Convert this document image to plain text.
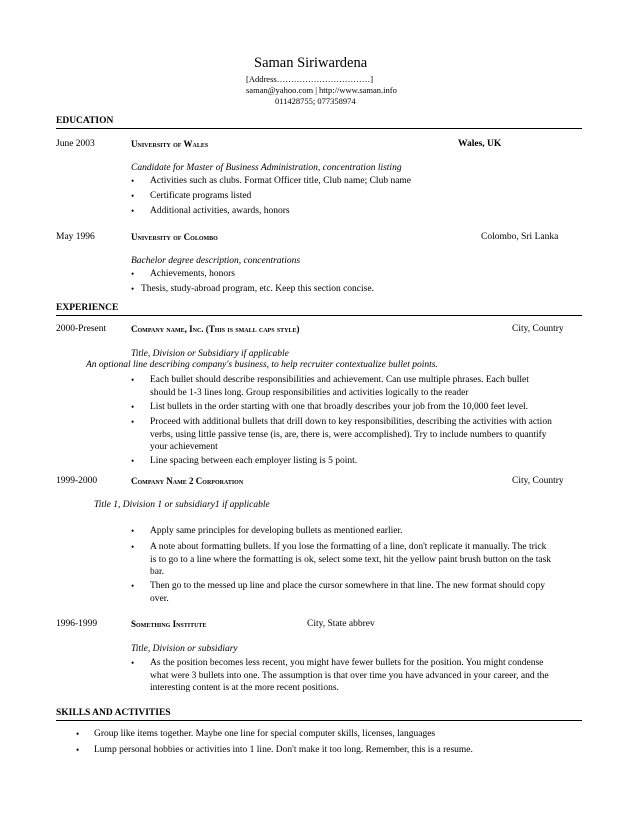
Saman Siriwardena
[Address……………………………]
saman@yahoo.com | http://www.saman.info
011428755; 077358974
EDUCATION
June 2003	University of Wales	Wales, UK
Candidate for Master of Business Administration, concentration listing
• Activities such as clubs. Format Officer title, Club name; Club name
• Certificate programs listed
• Additional activities, awards, honors
May 1996	University of Colombo	Colombo, Sri Lanka
Bachelor degree description, concentrations
• Achievements, honors
• Thesis, study-abroad program, etc. Keep this section concise.
EXPERIENCE
2000-Present	Company name, Inc. (This is small caps style)	City, Country
Title, Division or Subsidiary if applicable
An optional line describing company's business, to help recruiter contextualize bullet points.
• Each bullet should describe responsibilities and achievement. Can use multiple phrases. Each bullet
should be 1-3 lines long. Group responsibilities and activities logically to the reader
• List bullets in the order starting with one that broadly describes your job from the 10,000 feet level.
• Proceed with additional bullets that drill down to key responsibilities, describing the activities with action
verbs, using little passive tense (is, are, there is, were accomplished). Try to include numbers to quantify
your achievement
• Line spacing between each employer listing is 5 point.
1999-2000	Company Name 2 Corporation	City, Country
Title 1, Division 1 or subsidiary1 if applicable
• Apply same principles for developing bullets as mentioned earlier.
• A note about formatting bullets. If you lose the formatting of a line, don't replicate it manually. The trick
is to go to a line where the formatting is ok, select some text, hit the yellow paint brush button on the task
bar.
• Then go to the messed up line and place the cursor somewhere in that line. The new format should copy
over.
1996-1999	Something Institute	City, State abbrev
Title, Division or subsidiary
• As the position becomes less recent, you might have fewer bullets for the position. You might condense
what were 3 bullets into one. The assumption is that over time you have advanced in your career, and the
interesting content is at the more recent positions.
SKILLS AND ACTIVITIES
• Group like items together. Maybe one line for special computer skills, licenses, languages
• Lump personal hobbies or activities into 1 line. Don't make it too long. Remember, this is a resume.
